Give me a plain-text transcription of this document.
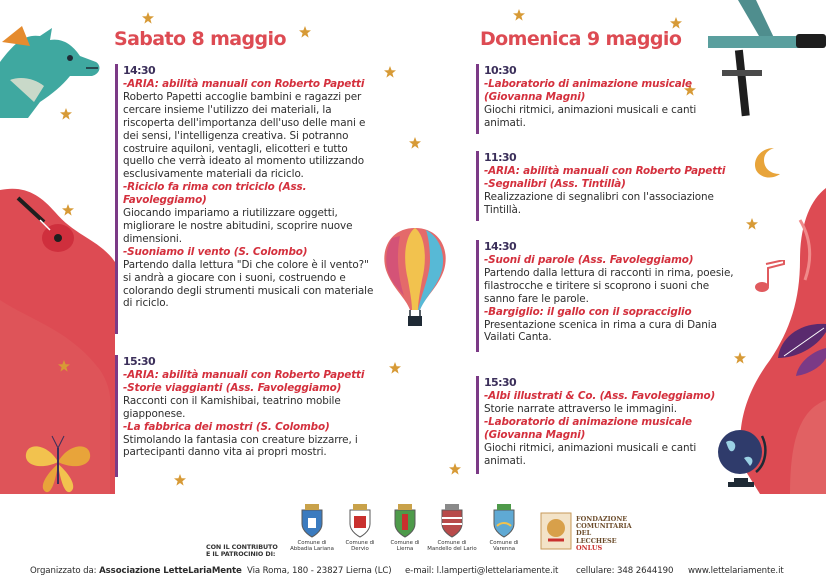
Sabato 8 maggio
14:30
-ARIA: abilità manuali con Roberto Papetti
Roberto Papetti accoglie bambini e ragazzi per cercare insieme l'utilizzo dei materiali, la riscoperta dell'importanza dell'uso delle mani e dei sensi, l'intelligenza creativa. Si potranno costruire aquiloni, ventagli, elicotteri e tutto quello che verrà ideato al momento utilizzando esclusivamente materiali da riciclo.
-Riciclo fa rima con triciclo (Ass. Favoleggiamo)
Giocando impariamo a riutilizzare oggetti, migliorare le nostre abitudini, scoprire nuove dimensioni.
-Suoniamo il vento (S. Colombo)
Partendo dalla lettura "Di che colore è il vento?" si andrà a giocare con i suoni, costruendo e colorando degli strumenti musicali con materiale di riciclo.
15:30
-ARIA: abilità manuali con Roberto Papetti
-Storie viaggianti (Ass. Favoleggiamo)
Racconti con il Kamishibai, teatrino mobile giapponese.
-La fabbrica dei mostri (S. Colombo)
Stimolando la fantasia con creature bizzarre, i partecipanti danno vita ai propri mostri.
Domenica 9 maggio
10:30
-Laboratorio di animazione musicale (Giovanna Magni)
Giochi ritmici, animazioni musicali e canti animati.
11:30
-ARIA: abilità manuali con Roberto Papetti
-Segnalibri (Ass. Tintillà)
Realizzazione di segnalibri con l'associazione Tintillà.
14:30
-Suoni di parole (Ass. Favoleggiamo)
Partendo dalla lettura di racconti in rima, poesie, filastrocche e tiritere si scoprono i suoni che sanno fare le parole.
-Bargiglio: il gallo con il sopracciglio
Presentazione scenica in rima a cura di Dania Vailati Canta.
15:30
-Albi illustrati & Co. (Ass. Favoleggiamo)
Storie narrate attraverso le immagini.
-Laboratorio di animazione musicale (Giovanna Magni)
Giochi ritmici, animazioni musicali e canti animati.
CON IL CONTRIBUTO
E IL PATROCINIO DI:
Comune di
Abbadia Lariana
Comune di
Dervio
Comune di
Lierna
Comune di
Mandello del Lario
Comune di
Varenna
FONDAZIONE
COMUNITARIA
DEL LECCHESE
ONLUS
Organizzato da: Associazione LetteLariaMente Via Roma, 180 - 23827 Lierna (LC) e-mail: l.lamperti@lettelariamente.it cellulare: 348 2644190 www.lettelariamente.it
